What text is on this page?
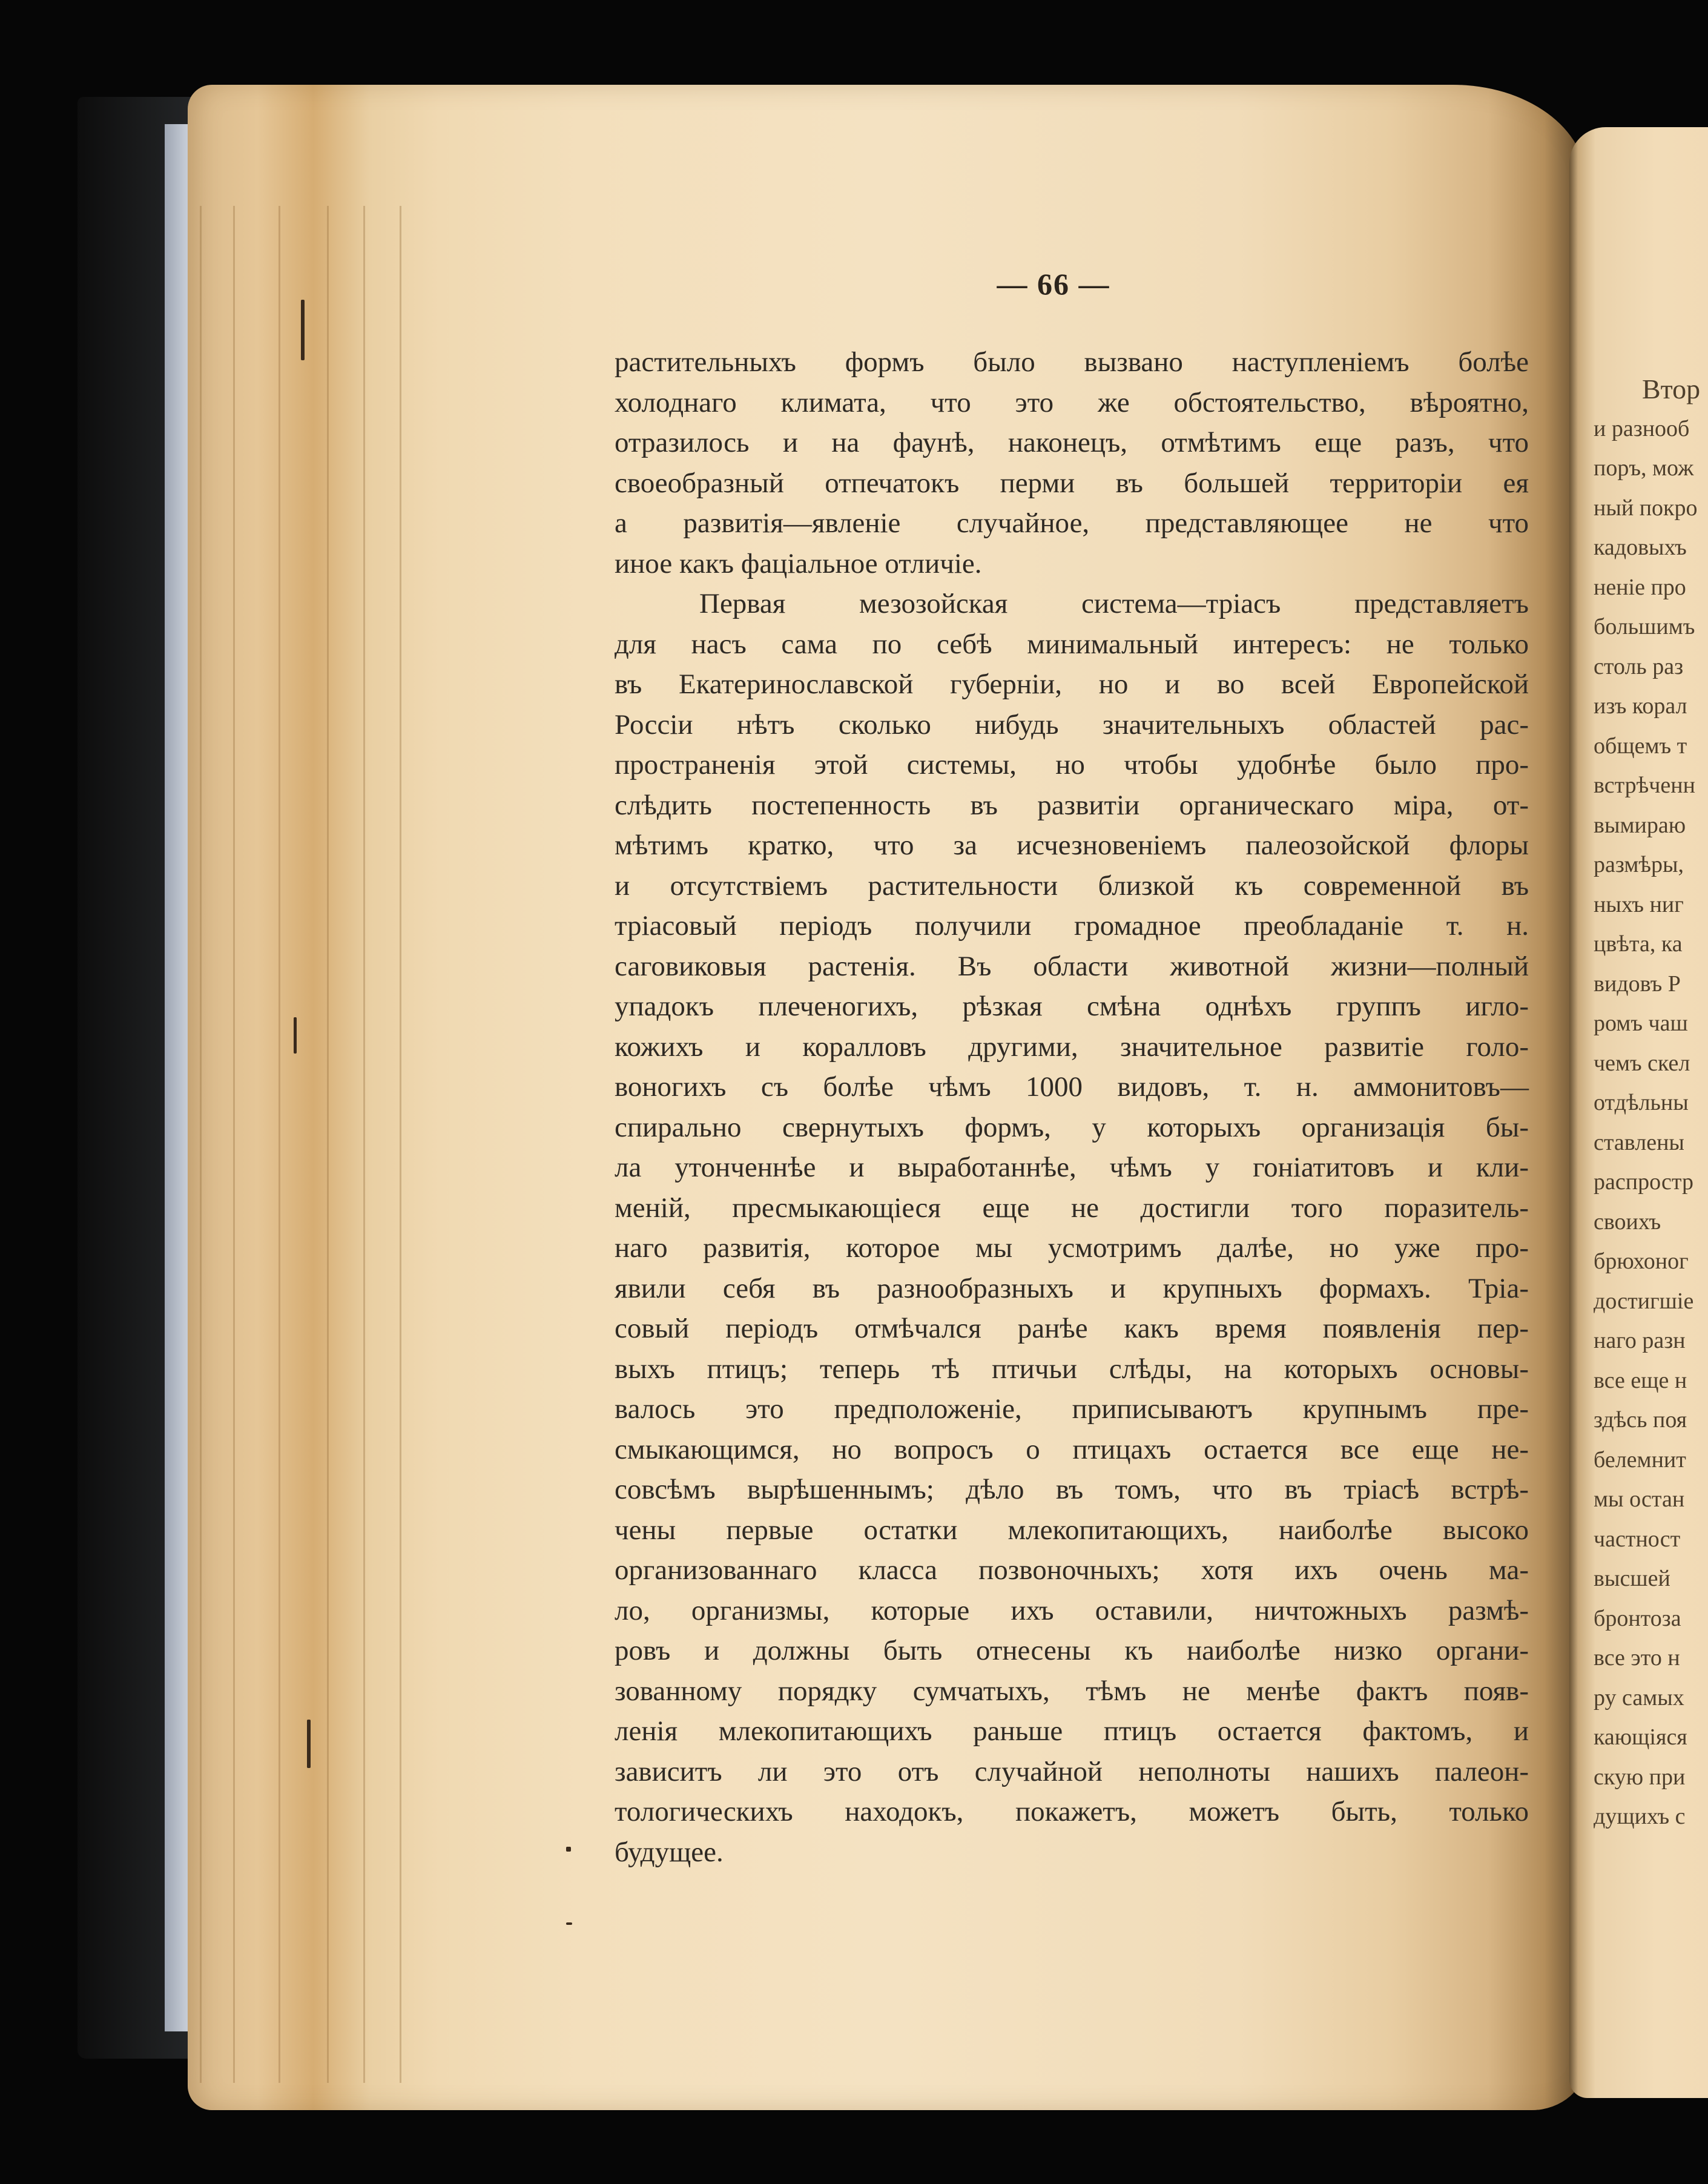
— 66 —
растительныхъ формъ было вызвано наступленiемъ болѣе
холоднаго климата, что это же обстоятельство, вѣроятно,
отразилось и на фаунѣ, наконецъ, отмѣтимъ еще разъ, что
своеобразный отпечатокъ перми въ большей территорiи ея
а развитiя—явленiе случайное, представляющее не что
иное какъ фацiальное отличiе.
Первая мезозойская система—трiасъ представляетъ
для насъ сама по себѣ минимальный интересъ: не только
въ Екатеринославской губернiи, но и во всей Европейской
Россiи нѣтъ сколько нибудь значительныхъ областей рас-
пространенiя этой системы, но чтобы удобнѣе было про-
слѣдить постепенность въ развитiи органическаго мiра, от-
мѣтимъ кратко, что за исчезновенiемъ палеозойской флоры
и отсутствiемъ растительности близкой къ современной въ
трiасовый перiодъ получили громадное преобладанiе т. н.
саговиковыя растенiя. Въ области животной жизни—полный
упадокъ плеченогихъ, рѣзкая смѣна однѣхъ группъ игло-
кожихъ и коралловъ другими, значительное развитiе голо-
воногихъ съ болѣе чѣмъ 1000 видовъ, т. н. аммонитовъ—
спирально свернутыхъ формъ, у которыхъ организацiя бы-
ла утонченнѣе и выработаннѣе, чѣмъ у гонiатитовъ и кли-
менiй, пресмыкающiеся еще не достигли того поразитель-
наго развитiя, которое мы усмотримъ далѣе, но уже про-
явили себя въ разнообразныхъ и крупныхъ формахъ. Трiа-
совый перiодъ отмѣчался ранѣе какъ время появленiя пер-
выхъ птицъ; теперь тѣ птичьи слѣды, на которыхъ основы-
валось это предположенiе, приписываютъ крупнымъ пре-
смыкающимся, но вопросъ о птицахъ остается все еще не-
совсѣмъ вырѣшеннымъ; дѣло въ томъ, что въ трiасѣ встрѣ-
чены первые остатки млекопитающихъ, наиболѣе высоко
организованнаго класса позвоночныхъ; хотя ихъ очень ма-
ло, организмы, которые ихъ оставили, ничтожныхъ размѣ-
ровъ и должны быть отнесены къ наиболѣе низко органи-
зованному порядку сумчатыхъ, тѣмъ не менѣе фактъ появ-
ленiя млекопитающихъ раньше птицъ остается фактомъ, и
зависитъ ли это отъ случайной неполноты нашихъ палеон-
тологическихъ находокъ, покажетъ, можетъ быть, только
будущее.
Втор
и разнооб
поръ, мож
ный покро
кадовыхъ
ненiе про
большимъ
столь раз
изъ корал
общемъ т
встрѣченн
вымираю
размѣры,
ныхъ ниг
цвѣта, ка
видовъ Р
ромъ чаш
чемъ скел
отдѣльны
ставлены
распростр
своихъ
брюхоног
достигшiе
наго разн
все еще н
здѣсь поя
белемнит
мы остан
частност
высшей
бронтоза
все это н
ру самых
кающiяся
скую при
дущихъ с
